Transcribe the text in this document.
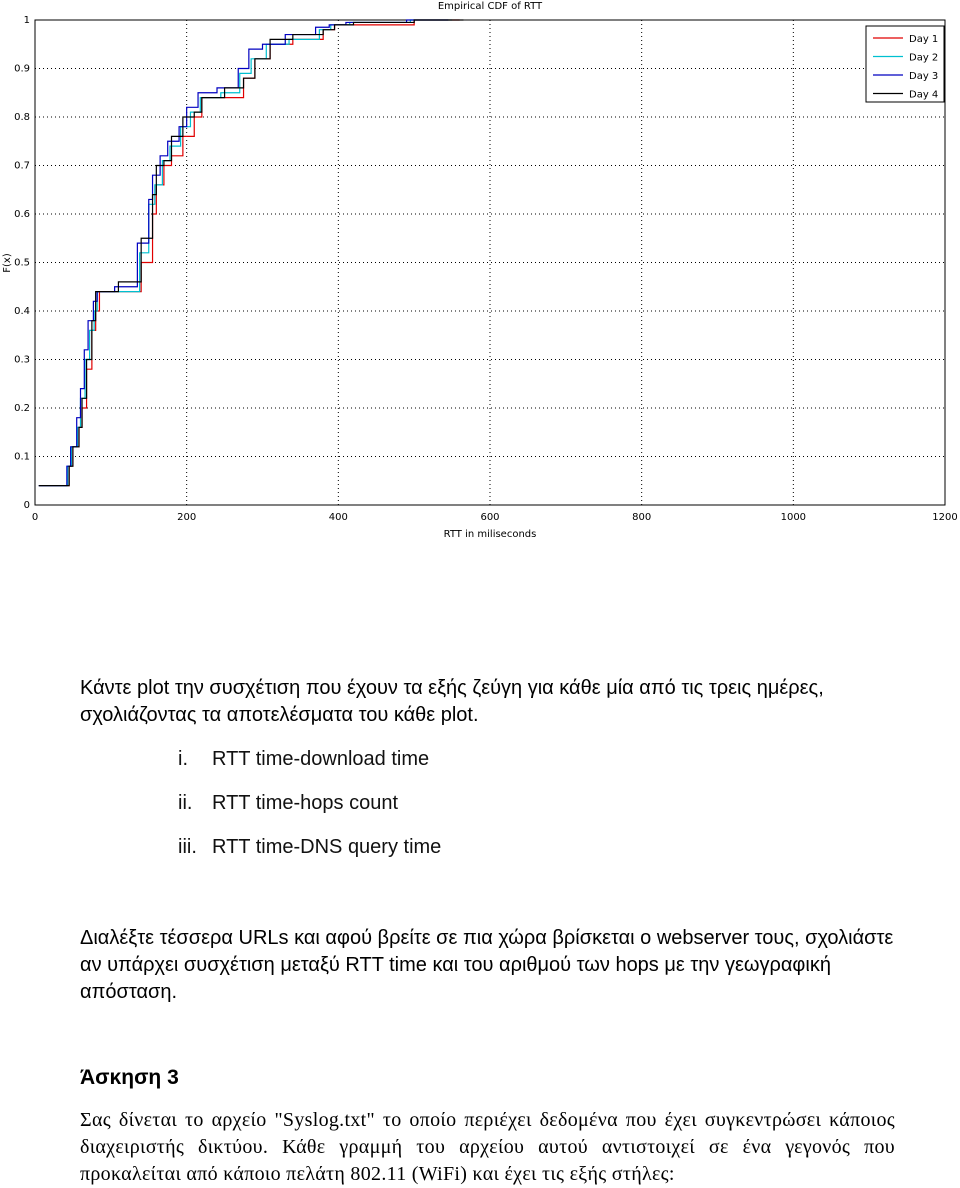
0	200	400	600	800	1000	1200
0
0.1
0.2
0.3
0.4
0.5
0.6
0.7
0.8
0.9
1
Empirical CDF of RTT
RTT in miliseconds
F(x)
Day 1
Day 2
Day 3
Day 4

Κάντε plot την συσχέτιση που έχουν τα εξής ζεύγη για κάθε μία από τις τρεις ημέρες, σχολιάζοντας τα αποτελέσματα του κάθε plot.

i. RTT time-download time
ii. RTT time-hops count
iii. RTT time-DNS query time

Διαλέξτε τέσσερα URLs και αφού βρείτε σε πια χώρα βρίσκεται ο webserver τους, σχολιάστε αν υπάρχει συσχέτιση μεταξύ RTT time και του αριθμού των hops με την γεωγραφική απόσταση.

Άσκηση 3

Σας δίνεται το αρχείο "Syslog.txt" το οποίο περιέχει δεδομένα που έχει συγκεντρώσει κάποιος διαχειριστής δικτύου. Κάθε γραμμή του αρχείου αυτού αντιστοιχεί σε ένα γεγονός που προκαλείται από κάποιο πελάτη 802.11 (WiFi) και έχει τις εξής στήλες:
